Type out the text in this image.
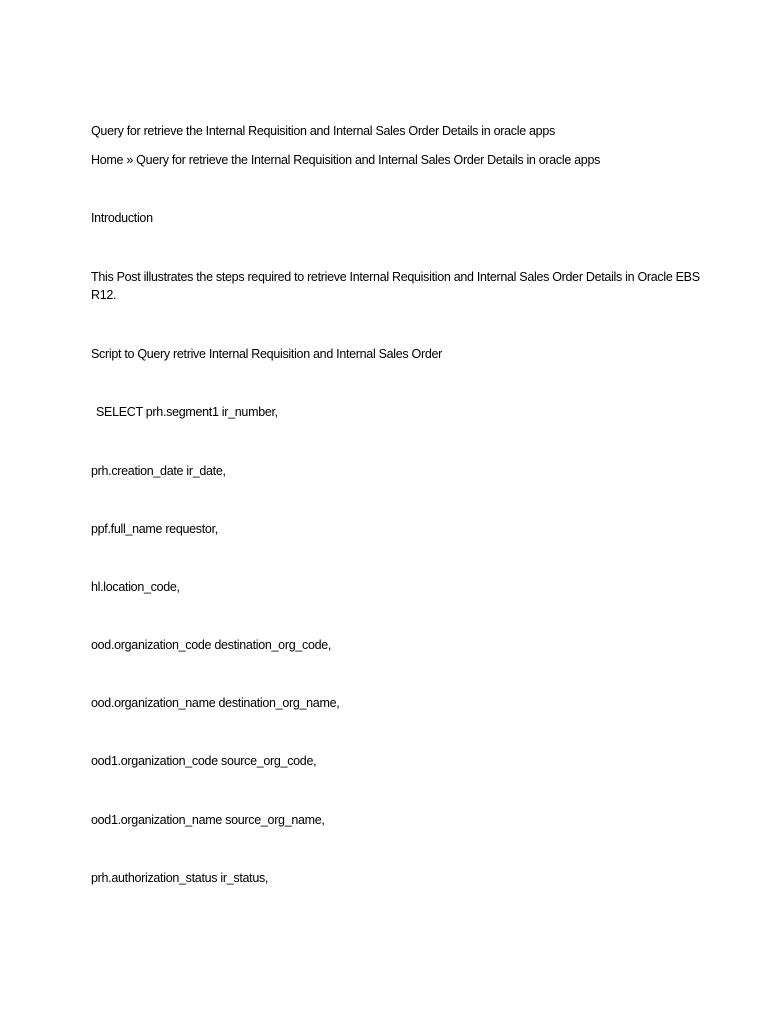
Query for retrieve the Internal Requisition and Internal Sales Order Details in oracle apps
Home » Query for retrieve the Internal Requisition and Internal Sales Order Details in oracle apps
Introduction
This Post illustrates the steps required to retrieve Internal Requisition and Internal Sales Order Details in Oracle EBS R12.
Script to Query retrive Internal Requisition and Internal Sales Order
SELECT prh.segment1 ir_number,
prh.creation_date ir_date,
ppf.full_name requestor,
hl.location_code,
ood.organization_code destination_org_code,
ood.organization_name destination_org_name,
ood1.organization_code source_org_code,
ood1.organization_name source_org_name,
prh.authorization_status ir_status,
